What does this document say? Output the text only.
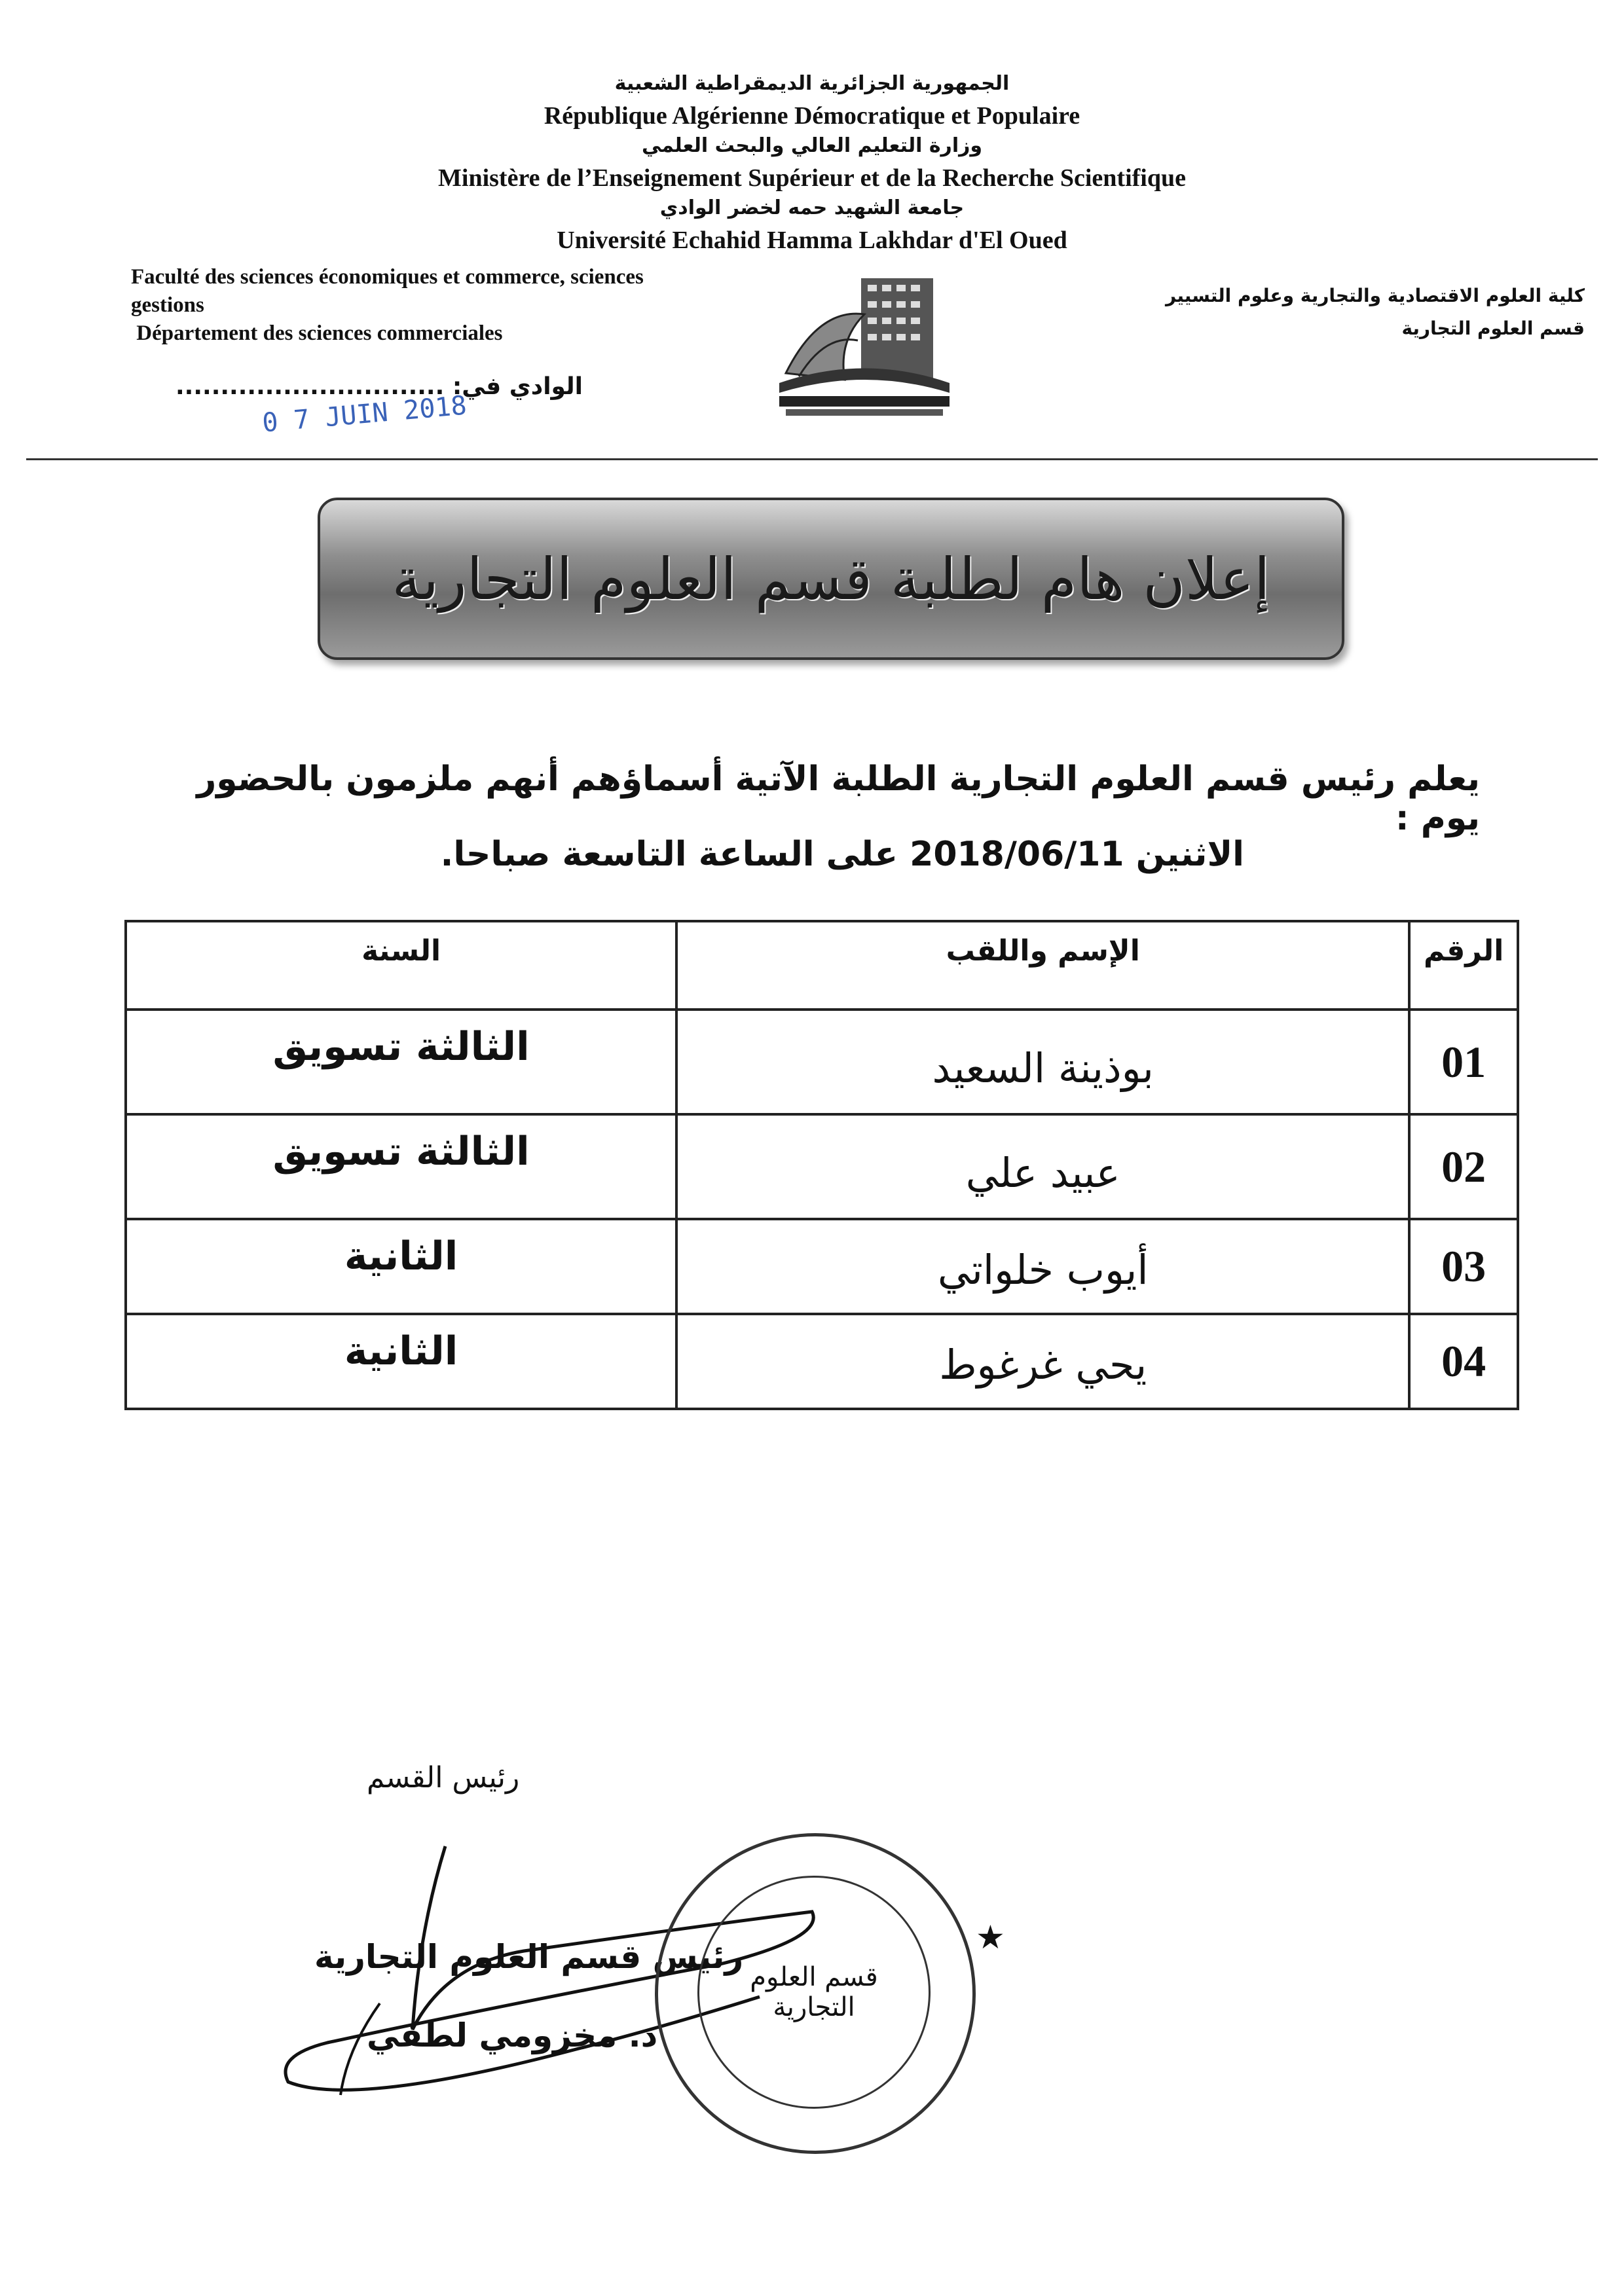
الجمهورية الجزائرية الديمقراطية الشعبية
République Algérienne Démocratique et Populaire
وزارة التعليم العالي والبحث العلمي
Ministère de l’Enseignement Supérieur et de la Recherche Scientifique
جامعة الشهيد حمه لخضر الوادي
Université Echahid Hamma Lakhdar d'El Oued
Faculté des sciences économiques et commerce, sciences
gestions
Département des sciences commerciales
كلية العلوم الاقتصادية والتجارية وعلوم التسيير
قسم العلوم التجارية
الوادي في: ..............................
0 7 JUIN 2018
إعلان هام لطلبة قسم العلوم التجارية
يعلم رئيس قسم العلوم التجارية الطلبة الآتية أسماؤهم أنهم ملزمون بالحضور يوم :
الاثنين 2018/06/11 على الساعة التاسعة صباحا.
السنة	الإسم واللقب	الرقم
الثالثة تسويق	بوذينة السعيد	01
الثالثة تسويق	عبيد علي	02
الثانية	أيوب خلواتي	03
الثانية	يحي غرغوط	04
رئيس القسم
رئيس قسم العلوم التجارية
د. مخزومي لطفي
قسم العلوم التجارية
★
